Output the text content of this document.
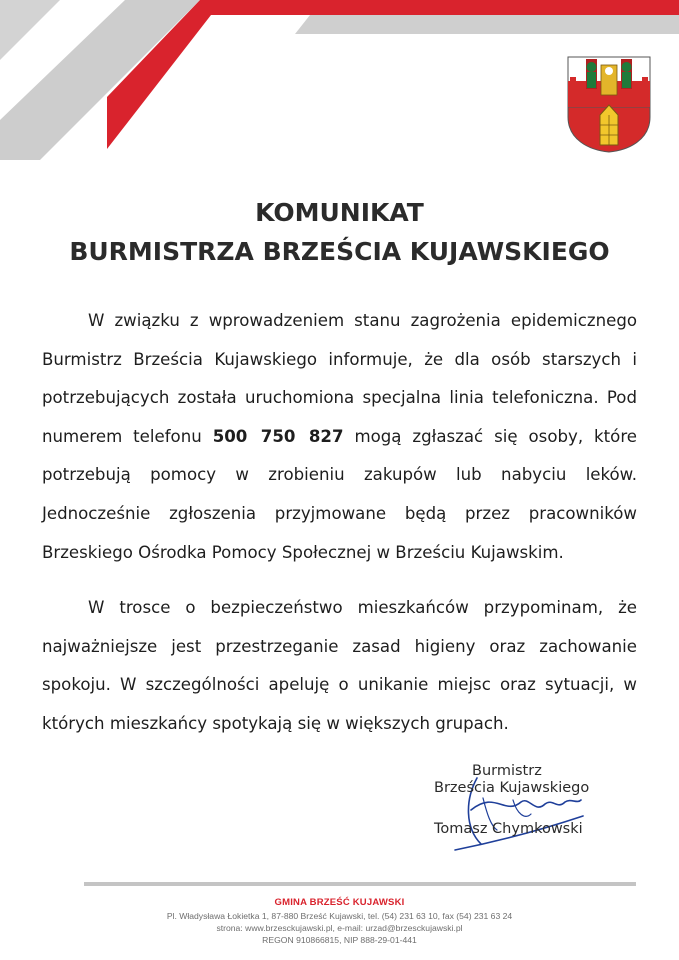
KOMUNIKAT
BURMISTRZA BRZEŚCIA KUJAWSKIEGO

W związku z wprowadzeniem stanu zagrożenia epidemicznego Burmistrz Brześcia Kujawskiego informuje, że dla osób starszych i potrzebujących została uruchomiona specjalna linia telefoniczna. Pod numerem telefonu 500 750 827 mogą zgłaszać się osoby, które potrzebują pomocy w zrobieniu zakupów lub nabyciu leków. Jednocześnie zgłoszenia przyjmowane będą przez pracowników Brzeskiego Ośrodka Pomocy Społecznej w Brześciu Kujawskim.

W trosce o bezpieczeństwo mieszkańców przypominam, że najważniejsze jest przestrzeganie zasad higieny oraz zachowanie spokoju. W szczególności apeluję o unikanie miejsc oraz sytuacji, w których mieszkańcy spotykają się w większych grupach.

Burmistrz
Brześcia Kujawskiego
Tomasz Chymkowski
GMINA BRZEŚĆ KUJAWSKI
Pl. Władysława Łokietka 1, 87-880 Brześć Kujawski, tel. (54) 231 63 10, fax (54) 231 63 24
strona: www.brzesckujawski.pl, e-mail: urzad@brzesckujawski.pl
REGON 910866815, NIP 888-29-01-441
